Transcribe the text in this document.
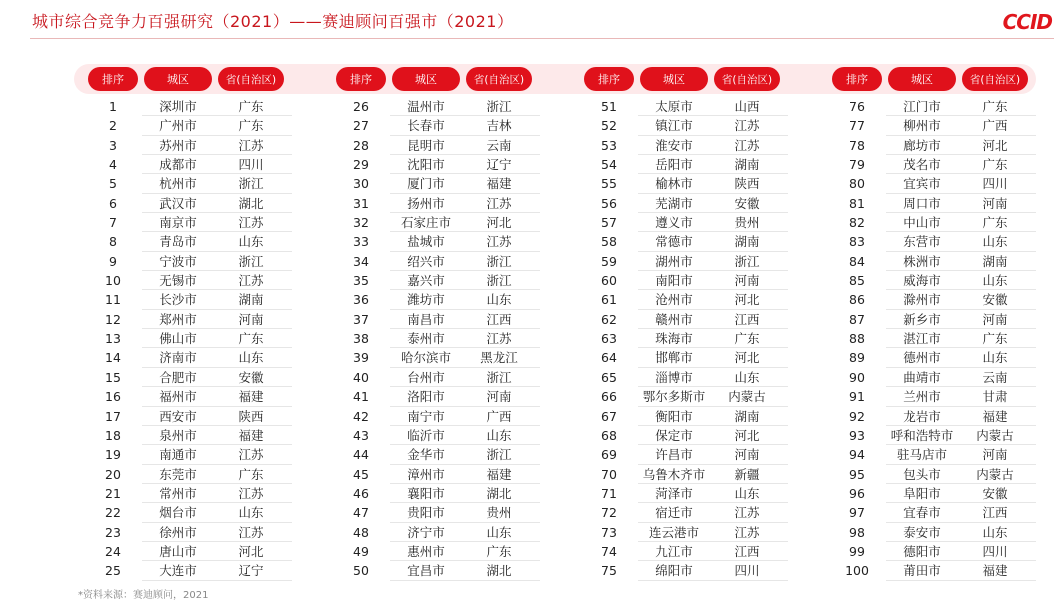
城市综合竞争力百强研究（2021）——赛迪顾问百强市（2021）	CCID
排序	城区	省(自治区)
1	深圳市	广东
2	广州市	广东
3	苏州市	江苏
4	成都市	四川
5	杭州市	浙江
6	武汉市	湖北
7	南京市	江苏
8	青岛市	山东
9	宁波市	浙江
10	无锡市	江苏
11	长沙市	湖南
12	郑州市	河南
13	佛山市	广东
14	济南市	山东
15	合肥市	安徽
16	福州市	福建
17	西安市	陕西
18	泉州市	福建
19	南通市	江苏
20	东莞市	广东
21	常州市	江苏
22	烟台市	山东
23	徐州市	江苏
24	唐山市	河北
25	大连市	辽宁
排序	城区	省(自治区)
26	温州市	浙江
27	长春市	吉林
28	昆明市	云南
29	沈阳市	辽宁
30	厦门市	福建
31	扬州市	江苏
32	石家庄市	河北
33	盐城市	江苏
34	绍兴市	浙江
35	嘉兴市	浙江
36	潍坊市	山东
37	南昌市	江西
38	泰州市	江苏
39	哈尔滨市	黑龙江
40	台州市	浙江
41	洛阳市	河南
42	南宁市	广西
43	临沂市	山东
44	金华市	浙江
45	漳州市	福建
46	襄阳市	湖北
47	贵阳市	贵州
48	济宁市	山东
49	惠州市	广东
50	宜昌市	湖北
排序	城区	省(自治区)
51	太原市	山西
52	镇江市	江苏
53	淮安市	江苏
54	岳阳市	湖南
55	榆林市	陕西
56	芜湖市	安徽
57	遵义市	贵州
58	常德市	湖南
59	湖州市	浙江
60	南阳市	河南
61	沧州市	河北
62	赣州市	江西
63	珠海市	广东
64	邯郸市	河北
65	淄博市	山东
66	鄂尔多斯市	内蒙古
67	衡阳市	湖南
68	保定市	河北
69	许昌市	河南
70	乌鲁木齐市	新疆
71	菏泽市	山东
72	宿迁市	江苏
73	连云港市	江苏
74	九江市	江西
75	绵阳市	四川
排序	城区	省(自治区)
76	江门市	广东
77	柳州市	广西
78	廊坊市	河北
79	茂名市	广东
80	宜宾市	四川
81	周口市	河南
82	中山市	广东
83	东营市	山东
84	株洲市	湖南
85	威海市	山东
86	滁州市	安徽
87	新乡市	河南
88	湛江市	广东
89	德州市	山东
90	曲靖市	云南
91	兰州市	甘肃
92	龙岩市	福建
93	呼和浩特市	内蒙古
94	驻马店市	河南
95	包头市	内蒙古
96	阜阳市	安徽
97	宜春市	江西
98	泰安市	山东
99	德阳市	四川
100	莆田市	福建
*资料来源：赛迪顾问，2021
